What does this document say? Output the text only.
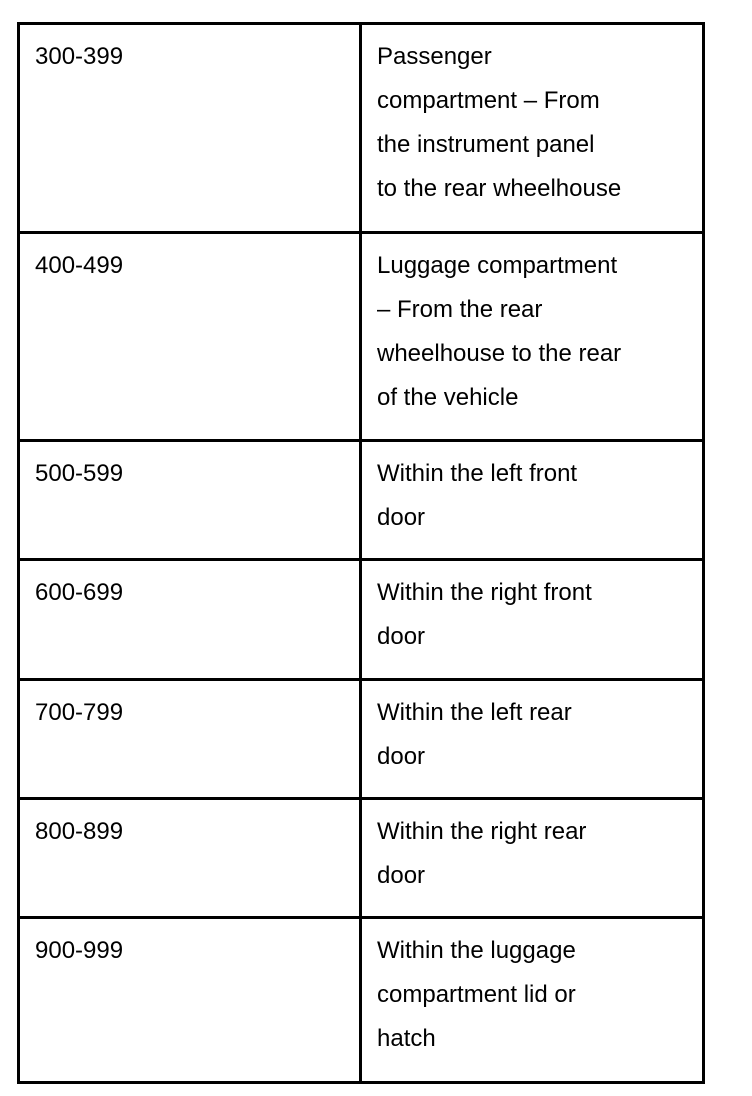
300-399	Passenger
compartment – From
the instrument panel
to the rear wheelhouse

400-499	Luggage compartment
– From the rear
wheelhouse to the rear
of the vehicle

500-599	Within the left front
door

600-699	Within the right front
door

700-799	Within the left rear
door

800-899	Within the right rear
door

900-999	Within the luggage
compartment lid or
hatch
